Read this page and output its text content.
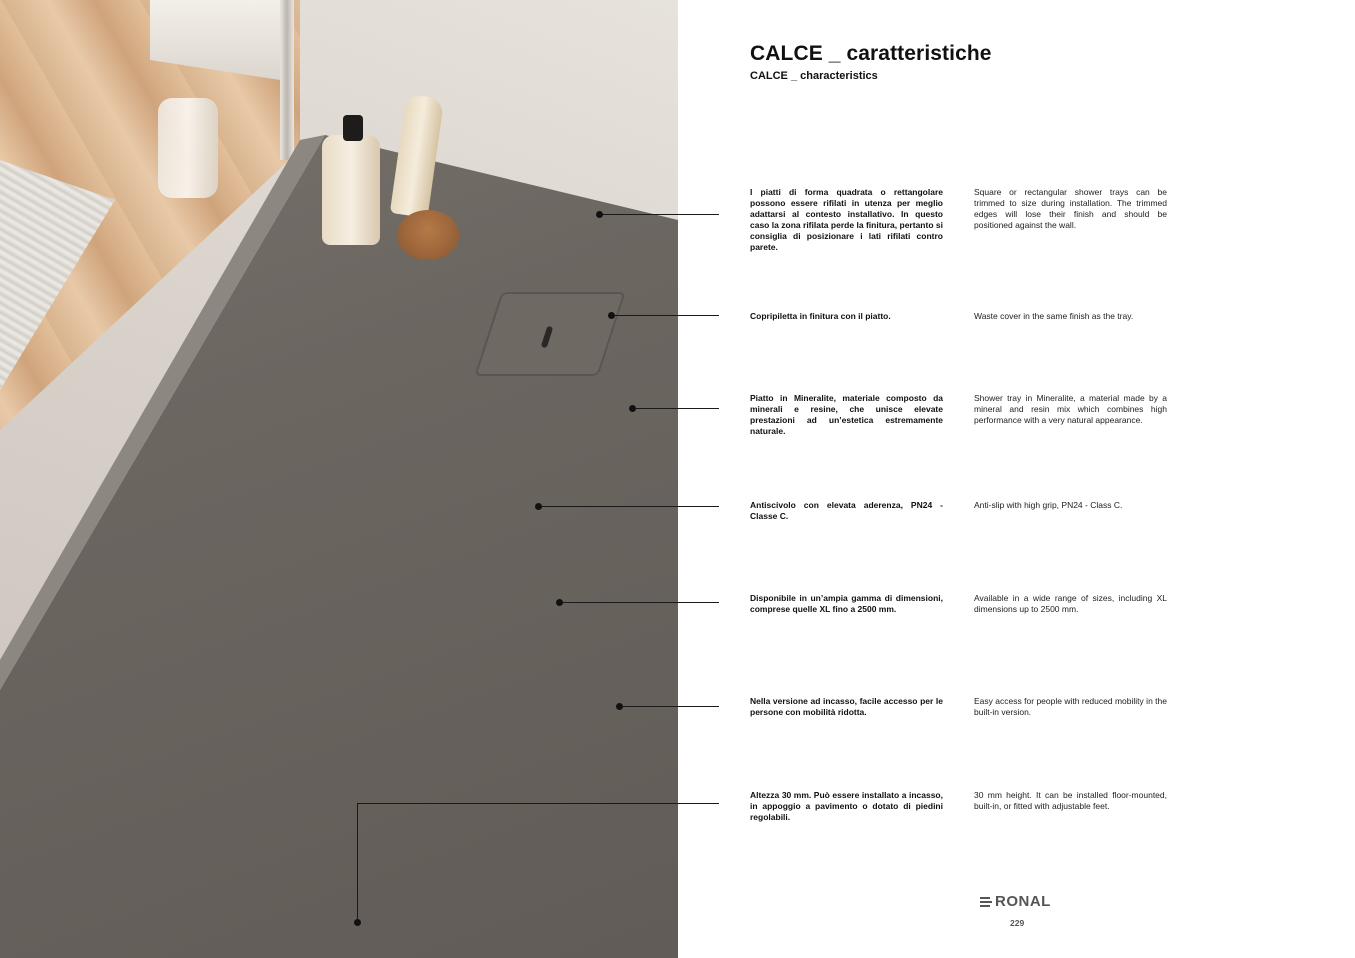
CALCE _ caratteristiche
CALCE _ characteristics
I piatti di forma quadrata o rettangolare possono essere rifilati in utenza per meglio adattarsi al contesto installativo. In questo caso la zona rifilata perde la finitura, pertanto si consiglia di posizionare i lati rifilati contro parete.
Square or rectangular shower trays can be trimmed to size during installation. The trimmed edges will lose their finish and should be positioned against the wall.
Copripiletta in finitura con il piatto.	Waste cover in the same finish as the tray.
Piatto in Mineralite, materiale composto da minerali e resine, che unisce elevate prestazioni ad un’estetica estremamente naturale.
Shower tray in Mineralite, a material made by a mineral and resin mix which combines high performance with a very natural appearance.
Antiscivolo con elevata aderenza, PN24 - Classe C.
Anti-slip with high grip, PN24 - Class C.
Disponibile in un’ampia gamma di dimensioni, comprese quelle XL fino a 2500 mm.
Available in a wide range of sizes, including XL dimensions up to 2500 mm.
Nella versione ad incasso, facile accesso per le persone con mobilità ridotta.
Easy access for people with reduced mobility in the built-in version.
Altezza 30 mm. Può essere installato a incasso, in appoggio a pavimento o dotato di piedini regolabili.
30 mm height. It can be installed floor-mounted, built-in, or fitted with adjustable feet.
RONAL
229
